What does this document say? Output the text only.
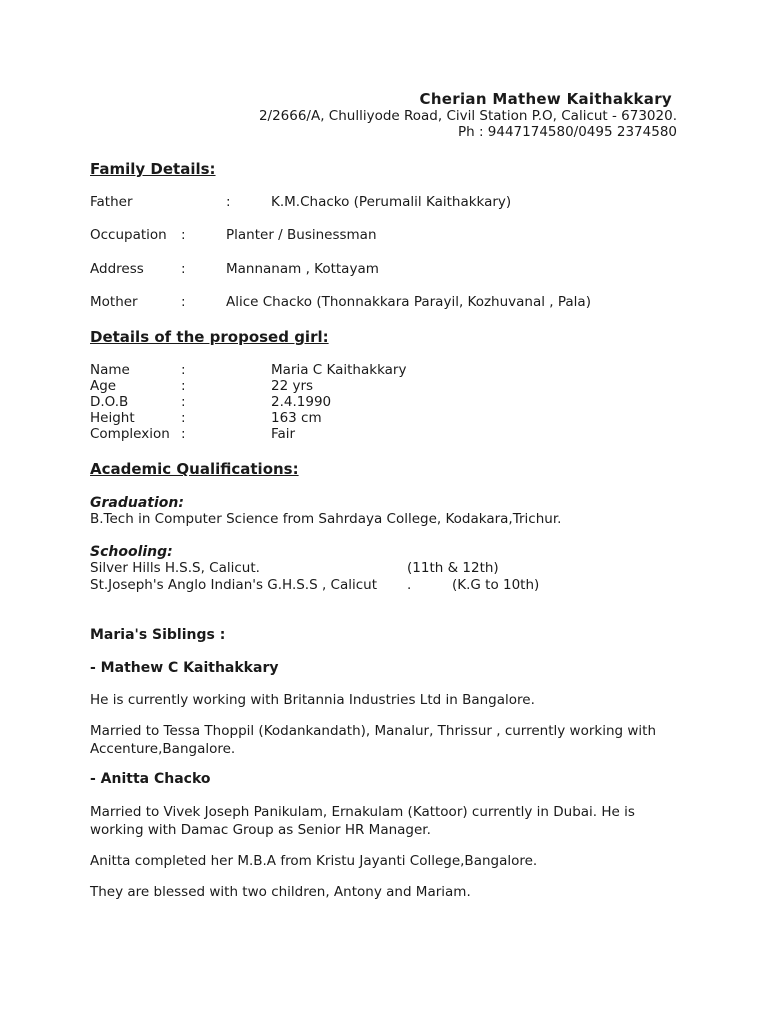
Cherian Mathew Kaithakkary
2/2666/A, Chulliyode Road, Civil Station P.O, Calicut - 673020.
Ph : 9447174580/0495 2374580
Family Details:
Father	:	K.M.Chacko (Perumalil Kaithakkary)
Occupation :	Planter / Businessman
Address	:	Mannanam , Kottayam
Mother	:	Alice Chacko (Thonnakkara Parayil, Kozhuvanal , Pala)
Details of the proposed girl:
Name	:	Maria C Kaithakkary
Age	:	22 yrs
D.O.B	:	2.4.1990
Height	:	163 cm
Complexion :	Fair
Academic Qualifications:
Graduation:
B.Tech in Computer Science from Sahrdaya College, Kodakara,Trichur.
Schooling:
Silver Hills H.S.S, Calicut.	(11th & 12th)
St.Joseph's Anglo Indian's G.H.S.S , Calicut .	(K.G to 10th)
Maria's Siblings :
- Mathew C Kaithakkary
He is currently working with Britannia Industries Ltd in Bangalore.
Married to Tessa Thoppil (Kodankandath), Manalur, Thrissur , currently working with Accenture,Bangalore.
- Anitta Chacko
Married to Vivek Joseph Panikulam, Ernakulam (Kattoor) currently in Dubai. He is working with Damac Group as Senior HR Manager.
Anitta completed her M.B.A from Kristu Jayanti College,Bangalore.
They are blessed with two children, Antony and Mariam.
